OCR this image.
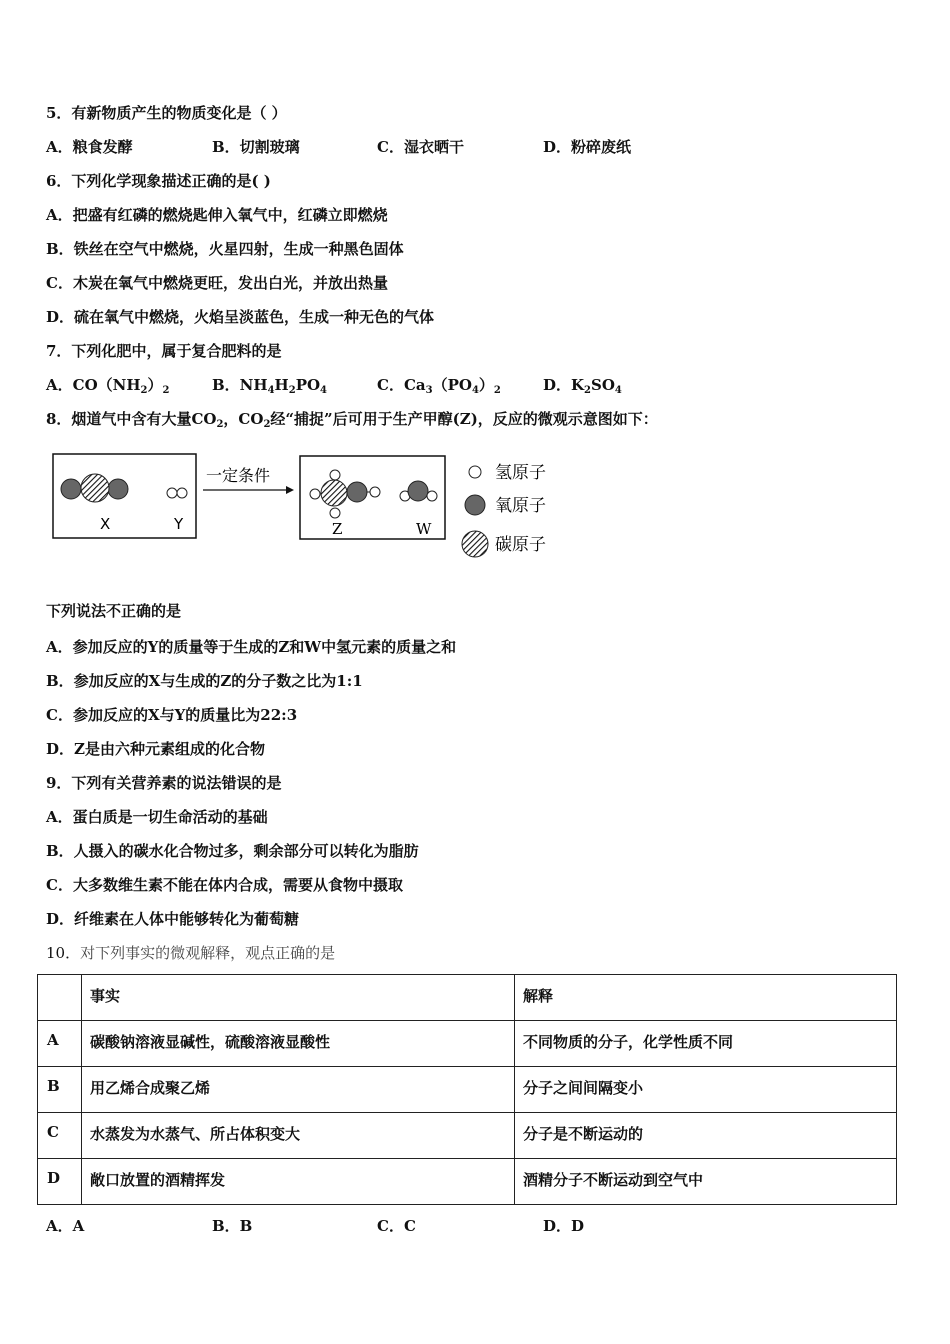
5．有新物质产生的物质变化是（ ）
A．粮食发酵	B．切割玻璃	C．湿衣晒干	D．粉碎废纸
6．下列化学现象描述正确的是( )
A．把盛有红磷的燃烧匙伸入氧气中，红磷立即燃烧
B．铁丝在空气中燃烧，火星四射，生成一种黑色固体
C．木炭在氧气中燃烧更旺，发出白光，并放出热量
D．硫在氧气中燃烧，火焰呈淡蓝色，生成一种无色的气体
7．下列化肥中，属于复合肥料的是
A．$CO(NH_2)_2$	B．$NH_4H_2PO_4$	C．$Ca_3(PO_4)_2$	D．$K_2SO_4$
8．烟道气中含有大量$CO_2$，$CO_2$经“捕捉”后可用于生产甲醇(Z)，反应的微观示意图如下：
X	Y
一定条件
Z	W
氢原子
氧原子
碳原子
下列说法不正确的是
A．参加反应的Y的质量等于生成的Z和W中氢元素的质量之和
B．参加反应的X与生成的Z的分子数之比为1:1
C．参加反应的X与Y的质量比为22:3
D．Z是由六种元素组成的化合物
9．下列有关营养素的说法错误的是
A．蛋白质是一切生命活动的基础
B．人摄入的碳水化合物过多，剩余部分可以转化为脂肪
C．大多数维生素不能在体内合成，需要从食物中摄取
D．纤维素在人体中能够转化为葡萄糖
10．对下列事实的微观解释，观点正确的是
	事实	解释
A	碳酸钠溶液显碱性，硫酸溶液显酸性	不同物质的分子，化学性质不同
B	用乙烯合成聚乙烯	分子之间间隔变小
C	水蒸发为水蒸气、所占体积变大	分子是不断运动的
D	敞口放置的酒精挥发	酒精分子不断运动到空气中
A．A	B．B	C．C	D．D
